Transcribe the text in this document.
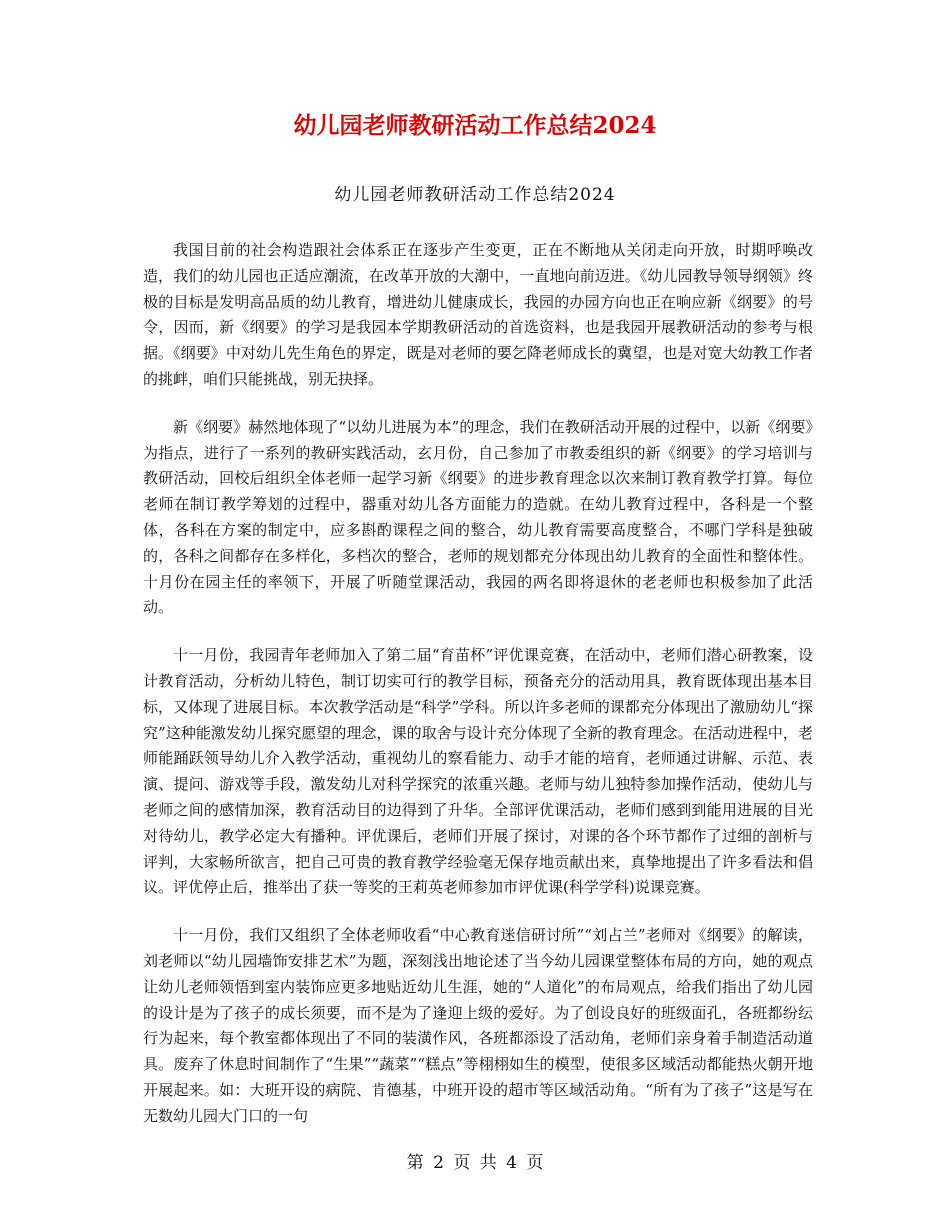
幼儿园老师教研活动工作总结2024
幼儿园老师教研活动工作总结2024

我国目前的社会构造跟社会体系正在逐步产生变更，正在不断地从关闭走向开放，时期呼唤改造，我们的幼儿园也正适应潮流，在改革开放的大潮中，一直地向前迈进。《幼儿园教导领导纲领》终极的目标是发明高品质的幼儿教育，增进幼儿健康成长，我园的办园方向也正在响应新《纲要》的号令，因而，新《纲要》的学习是我园本学期教研活动的首选资料，也是我园开展教研活动的参考与根据。《纲要》中对幼儿先生角色的界定，既是对老师的要乞降老师成长的冀望，也是对宽大幼教工作者的挑衅，咱们只能挑战，别无抉择。

新《纲要》赫然地体现了“以幼儿进展为本”的理念，我们在教研活动开展的过程中，以新《纲要》为指点，进行了一系列的教研实践活动，玄月份，自己参加了市教委组织的新《纲要》的学习培训与教研活动，回校后组织全体老师一起学习新《纲要》的进步教育理念以次来制订教育教学打算。每位老师在制订教学筹划的过程中，器重对幼儿各方面能力的造就。在幼儿教育过程中，各科是一个整体，各科在方案的制定中，应多斟酌课程之间的整合，幼儿教育需要高度整合，不哪门学科是独破的，各科之间都存在多样化，多档次的整合，老师的规划都充分体现出幼儿教育的全面性和整体性。十月份在园主任的率领下，开展了听随堂课活动，我园的两名即将退休的老老师也积极参加了此活动。

十一月份，我园青年老师加入了第二届“育苗杯”评优课竞赛，在活动中，老师们潜心研教案，设计教育活动，分析幼儿特色，制订切实可行的教学目标，预备充分的活动用具，教育既体现出基本目标，又体现了进展目标。本次教学活动是“科学”学科。所以许多老师的课都充分体现出了激励幼儿“探究”这种能激发幼儿探究愿望的理念，课的取舍与设计充分体现了全新的教育理念。在活动进程中，老师能踊跃领导幼儿介入教学活动，重视幼儿的察看能力、动手才能的培育，老师通过讲解、示范、表演、提问、游戏等手段，激发幼儿对科学探究的浓重兴趣。老师与幼儿独特参加操作活动，使幼儿与老师之间的感情加深，教育活动目的边得到了升华。全部评优课活动，老师们感到到能用进展的目光对待幼儿，教学必定大有播种。评优课后，老师们开展了探讨，对课的各个环节都作了过细的剖析与评判，大家畅所欲言，把自己可贵的教育教学经验毫无保存地贡献出来，真挚地提出了许多看法和倡议。评优停止后，推举出了获一等奖的王莉英老师参加市评优课(科学学科)说课竞赛。

十一月份，我们又组织了全体老师收看“中心教育迷信研讨所”“刘占兰”老师对《纲要》的解读，刘老师以“幼儿园墙饰安排艺术”为题，深刻浅出地论述了当今幼儿园课堂整体布局的方向，她的观点让幼儿老师领悟到室内装饰应更多地贴近幼儿生涯，她的“人道化”的布局观点，给我们指出了幼儿园的设计是为了孩子的成长须要，而不是为了逢迎上级的爱好。为了创设良好的班级面孔，各班都纷纭行为起来，每个教室都体现出了不同的装潢作风，各班都添设了活动角，老师们亲身着手制造活动道具。废弃了休息时间制作了“生果”“蔬菜”“糕点”等栩栩如生的模型，使很多区域活动都能热火朝开地开展起来。如：大班开设的病院、肯德基，中班开设的超市等区域活动角。“所有为了孩子”这是写在无数幼儿园大门口的一句

第 2 页 共 4 页
